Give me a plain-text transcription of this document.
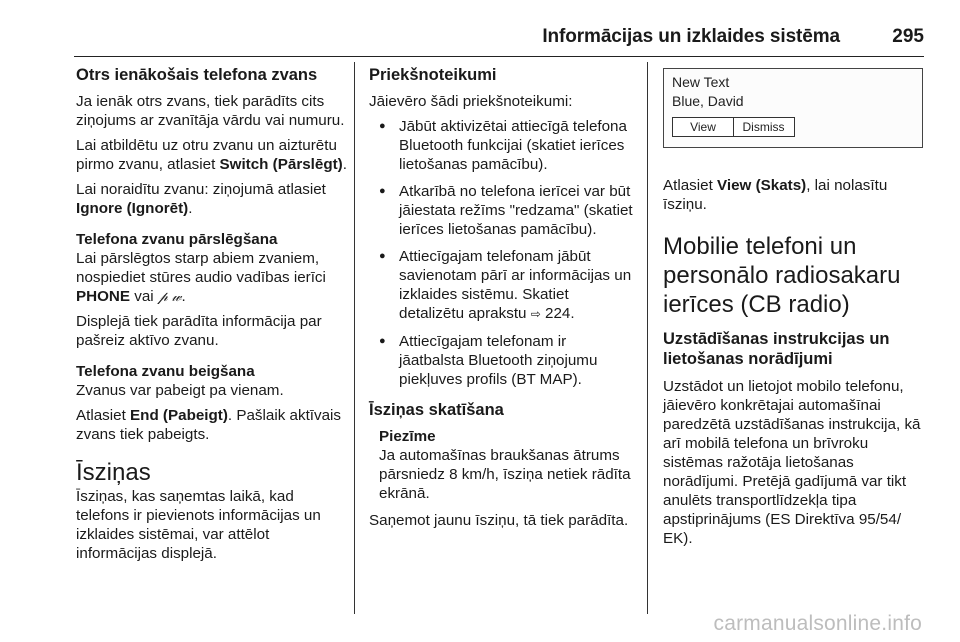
Informācijas un izklaides sistēma	295
Otrs ienākošais telefona zvans

Ja ienāk otrs zvans, tiek parādīts cits ziņojums ar zvanītāja vārdu vai numuru.

Lai atbildētu uz otru zvanu un aizturētu pirmo zvanu, atlasiet Switch (Pārslēgt).

Lai noraidītu zvanu: ziņojumā atlasiet Ignore (Ignorēt).

Telefona zvanu pārslēgšana

Lai pārslēgtos starp abiem zvaniem, nospiediet stūres audio vadības ierīci PHONE vai 𝓅 𝓌.

Displejā tiek parādīta informācija par pašreiz aktīvo zvanu.

Telefona zvanu beigšana

Zvanus var pabeigt pa vienam.

Atlasiet End (Pabeigt). Pašlaik aktīvais zvans tiek pabeigts.

Īsziņas

Īsziņas, kas saņemtas laikā, kad telefons ir pievienots informācijas un izklaides sistēmai, var attēlot informācijas displejā.

Priekšnoteikumi

Jāievēro šādi priekšnoteikumi:

● Jābūt aktivizētai attiecīgā telefona Bluetooth funkcijai (skatiet ierīces lietošanas pamācību).
● Atkarībā no telefona ierīcei var būt jāiestata režīms "redzama" (skatiet ierīces lietošanas pamācību).
● Attiecīgajam telefonam jābūt savienotam pārī ar informācijas un izklaides sistēmu. Skatiet detalizētu aprakstu ⇨ 224.
● Attiecīgajam telefonam ir jāatbalsta Bluetooth ziņojumu piekļuves profils (BT MAP).
Īsziņas skatīšana
Piezīme
Ja automašīnas braukšanas ātrums pārsniedz 8 km/h, īsziņa netiek rādīta ekrānā.

Saņemot jaunu īsziņu, tā tiek parādīta.

New Text
Blue, David
View	Dismiss

Atlasiet View (Skats), lai nolasītu īsziņu.

Mobilie telefoni un personālo radiosakaru ierīces (CB radio)
Uzstādīšanas instrukcijas un lietošanas norādījumi

Uzstādot un lietojot mobilo telefonu, jāievēro konkrētajai automašīnai paredzētā uzstādīšanas instrukcija, kā arī mobilā telefona un brīvroku sistēmas ražotāja lietošanas norādījumi. Pretējā gadījumā var tikt anulēts transportlīdzekļa tipa apstiprinājums (ES Direktīva 95/54/ EK).

carmanualsonline.info
